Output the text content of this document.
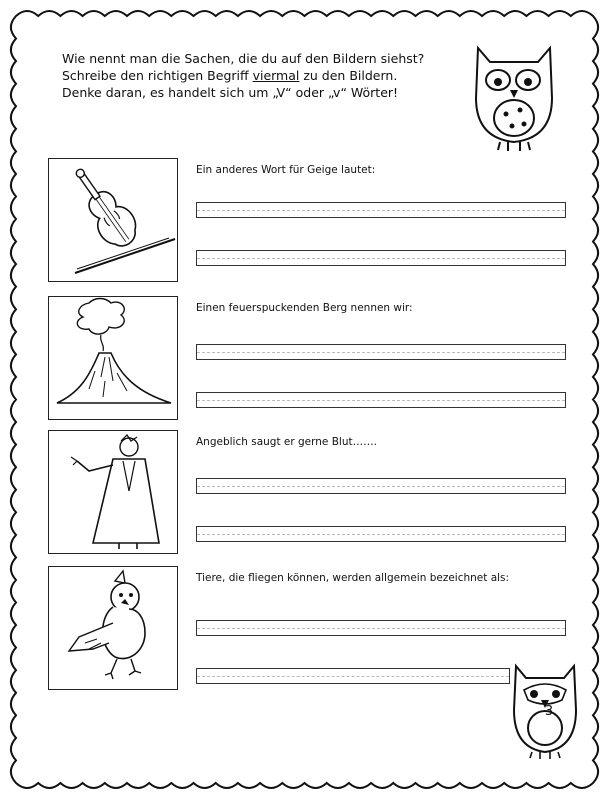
Wie nennt man die Sachen, die du auf den Bildern siehst?
Schreibe den richtigen Begriff viermal zu den Bildern.
Denke daran, es handelt sich um „V“ oder „v“ Wörter!
Ein anderes Wort für Geige lautet:
Einen feuerspuckenden Berg nennen wir:
Angeblich saugt er gerne Blut…….
Tiere, die fliegen können, werden allgemein bezeichnet als:
3
